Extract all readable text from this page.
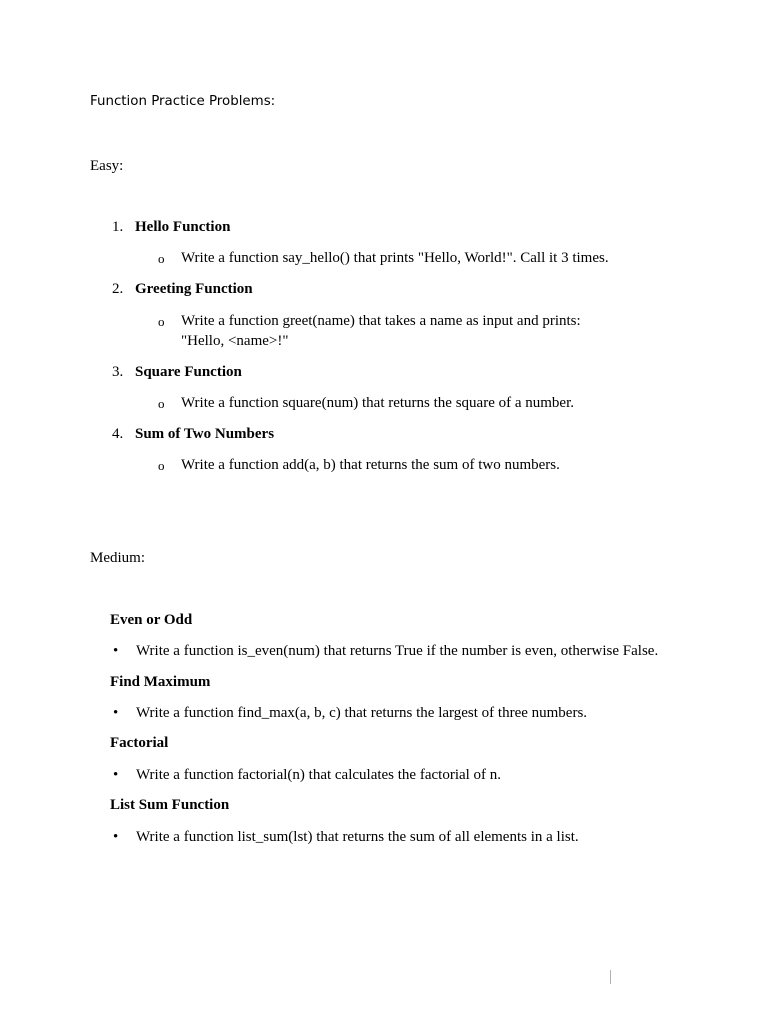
Function Practice Problems:
Easy:
1. Hello Function
o Write a function say_hello() that prints "Hello, World!". Call it 3 times.
2. Greeting Function
o Write a function greet(name) that takes a name as input and prints:
"Hello, <name>!"
3. Square Function
o Write a function square(num) that returns the square of a number.
4. Sum of Two Numbers
o Write a function add(a, b) that returns the sum of two numbers.
Medium:
Even or Odd
• Write a function is_even(num) that returns True if the number is even, otherwise False.
Find Maximum
• Write a function find_max(a, b, c) that returns the largest of three numbers.
Factorial
• Write a function factorial(n) that calculates the factorial of n.
List Sum Function
• Write a function list_sum(lst) that returns the sum of all elements in a list.
